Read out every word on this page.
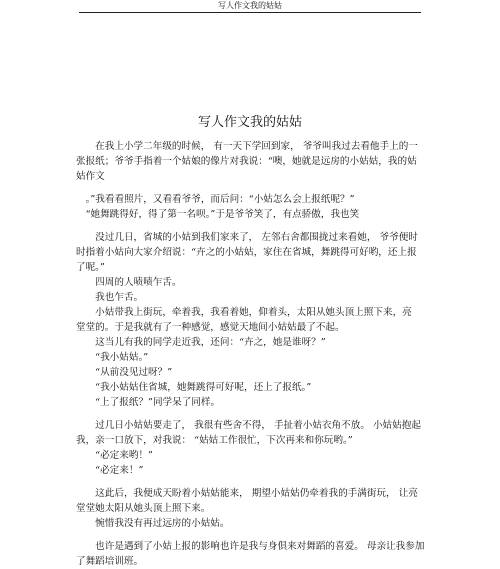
写人作文我的姑姑
写人作文我的姑姑

　　在我上小学二年级的时候， 有一天下学回到家， 爷爷叫我过去看他手上的一
张报纸；爷爷手指着一个姑娘的像片对我说：“噢，她就是远房的小姑姑，我的姑
姑作文

　。”我看看照片，又看看爷爷，而后问：“小姑怎么会上报纸呢？”
　“她舞跳得好，得了第一名呗。”于是爷爷笑了，有点骄傲，我也笑

　　没过几日，省城的小姑到我们家来了， 左邻右舍都围拢过来看她， 爷爷便时
时指着小姑向大家介绍说：“卉之的小姑姑，家住在省城，舞跳得可好哟，还上报
了呢。”

　　四周的人啧啧乍舌。

　　我也乍舌。

　　小姑带我上街玩，牵着我，我看着她，仰着头，太阳从她头顶上照下来，亮
堂堂的。于是我就有了一种感觉，感觉天地间小姑姑最了不起。

　　这当儿有我的同学走近我，还问：“卉之，她是谁呀？”

　　“我小姑姑。”

　　“从前没见过呀？”

　　“我小姑姑住省城，她舞跳得可好呢，还上了报纸。”
　　“上了报纸？”同学呆了同样。

　　过几日小姑姑要走了， 我很有些舍不得， 手扯着小姑衣角不放。 小姑姑抱起
我，亲一口放下，对我说： “姑姑工作很忙，下次再来和你玩哟。”

　　“必定来哟！”

　　“必定来！”

　　这此后，我便成天盼着小姑姑能来， 期望小姑姑仍牵着我的手满街玩， 让亮
堂堂她太阳从她头顶上照下来。

　　惋惜我没有再过远房的小姑姑。

　　也许是遇到了小姑上报的影响也许是我与身俱来对舞蹈的喜爱。 母亲让我参加
了舞蹈培训班。
